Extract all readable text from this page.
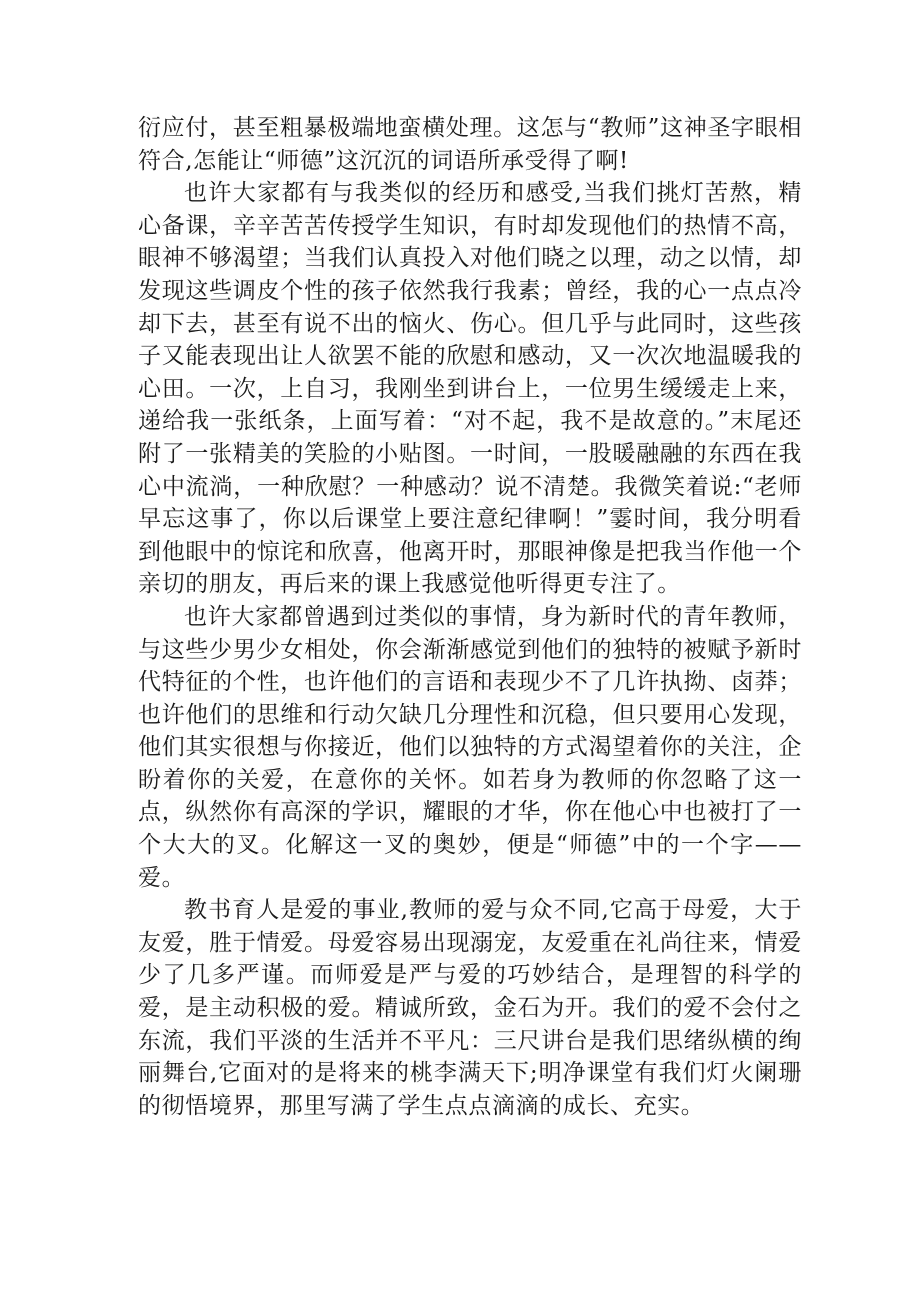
衍应付，甚至粗暴极端地蛮横处理。这怎与“教师”这神圣字眼相符合,怎能让“师德”这沉沉的词语所承受得了啊!

也许大家都有与我类似的经历和感受,当我们挑灯苦熬，精心备课，辛辛苦苦传授学生知识，有时却发现他们的热情不高，眼神不够渴望；当我们认真投入对他们晓之以理，动之以情，却发现这些调皮个性的孩子依然我行我素；曾经，我的心一点点冷却下去，甚至有说不出的恼火、伤心。但几乎与此同时，这些孩子又能表现出让人欲罢不能的欣慰和感动，又一次次地温暖我的心田。一次，上自习，我刚坐到讲台上，一位男生缓缓走上来，递给我一张纸条，上面写着：“对不起，我不是故意的。”末尾还附了一张精美的笑脸的小贴图。一时间，一股暖融融的东西在我心中流淌，一种欣慰？一种感动？说不清楚。我微笑着说:“老师早忘这事了，你以后课堂上要注意纪律啊！”霎时间，我分明看到他眼中的惊诧和欣喜，他离开时，那眼神像是把我当作他一个亲切的朋友，再后来的课上我感觉他听得更专注了。

也许大家都曾遇到过类似的事情，身为新时代的青年教师，与这些少男少女相处，你会渐渐感觉到他们的独特的被赋予新时代特征的个性，也许他们的言语和表现少不了几许执拗、卤莽；也许他们的思维和行动欠缺几分理性和沉稳，但只要用心发现，他们其实很想与你接近，他们以独特的方式渴望着你的关注，企盼着你的关爱，在意你的关怀。如若身为教师的你忽略了这一点，纵然你有高深的学识，耀眼的才华，你在他心中也被打了一个大大的叉。化解这一叉的奥妙，便是“师德”中的一个字——爱。

教书育人是爱的事业,教师的爱与众不同,它高于母爱，大于友爱，胜于情爱。母爱容易出现溺宠，友爱重在礼尚往来，情爱少了几多严谨。而师爱是严与爱的巧妙结合，是理智的科学的爱，是主动积极的爱。精诚所致，金石为开。我们的爱不会付之东流，我们平淡的生活并不平凡：三尺讲台是我们思绪纵横的绚丽舞台,它面对的是将来的桃李满天下;明净课堂有我们灯火阑珊的彻悟境界，那里写满了学生点点滴滴的成长、充实。
